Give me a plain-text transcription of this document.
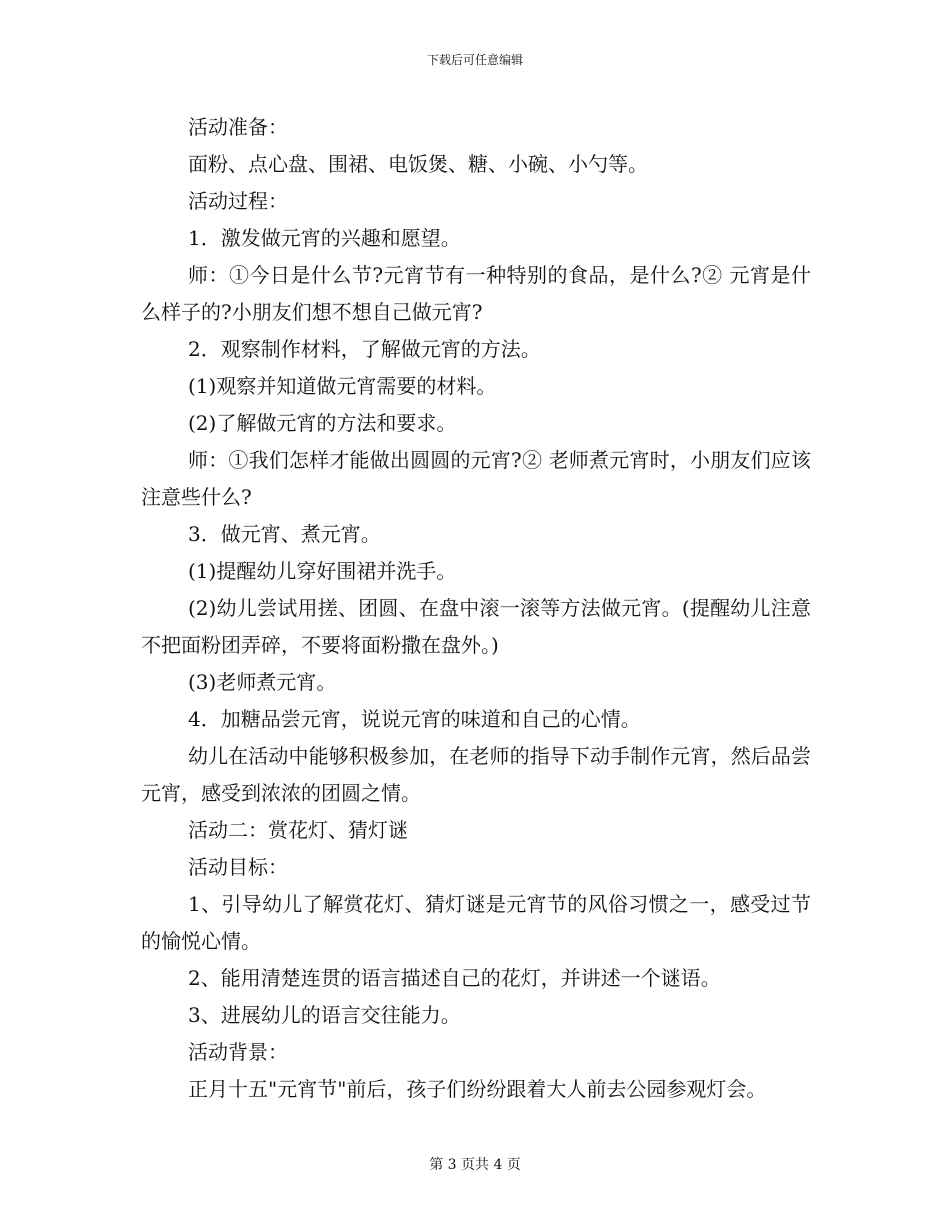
下载后可任意编辑

活动准备：

面粉、点心盘、围裙、电饭煲、糖、小碗、小勺等。

活动过程：

1．激发做元宵的兴趣和愿望。

师：①今日是什么节?元宵节有一种特别的食品，是什么?② 元宵是什么样子的?小朋友们想不想自己做元宵?

2．观察制作材料，了解做元宵的方法。

(1)观察并知道做元宵需要的材料。

(2)了解做元宵的方法和要求。

师：①我们怎样才能做出圆圆的元宵?② 老师煮元宵时，小朋友们应该注意些什么?

3．做元宵、煮元宵。

(1)提醒幼儿穿好围裙并洗手。

(2)幼儿尝试用搓、团圆、在盘中滚一滚等方法做元宵。(提醒幼儿注意不把面粉团弄碎，不要将面粉撒在盘外。)

(3)老师煮元宵。

4．加糖品尝元宵，说说元宵的味道和自己的心情。

幼儿在活动中能够积极参加，在老师的指导下动手制作元宵，然后品尝元宵，感受到浓浓的团圆之情。

活动二：赏花灯、猜灯谜

活动目标：

1、引导幼儿了解赏花灯、猜灯谜是元宵节的风俗习惯之一，感受过节的愉悦心情。

2、能用清楚连贯的语言描述自己的花灯，并讲述一个谜语。

3、进展幼儿的语言交往能力。

活动背景：

正月十五"元宵节"前后，孩子们纷纷跟着大人前去公园参观灯会。

第 3 页共 4 页
